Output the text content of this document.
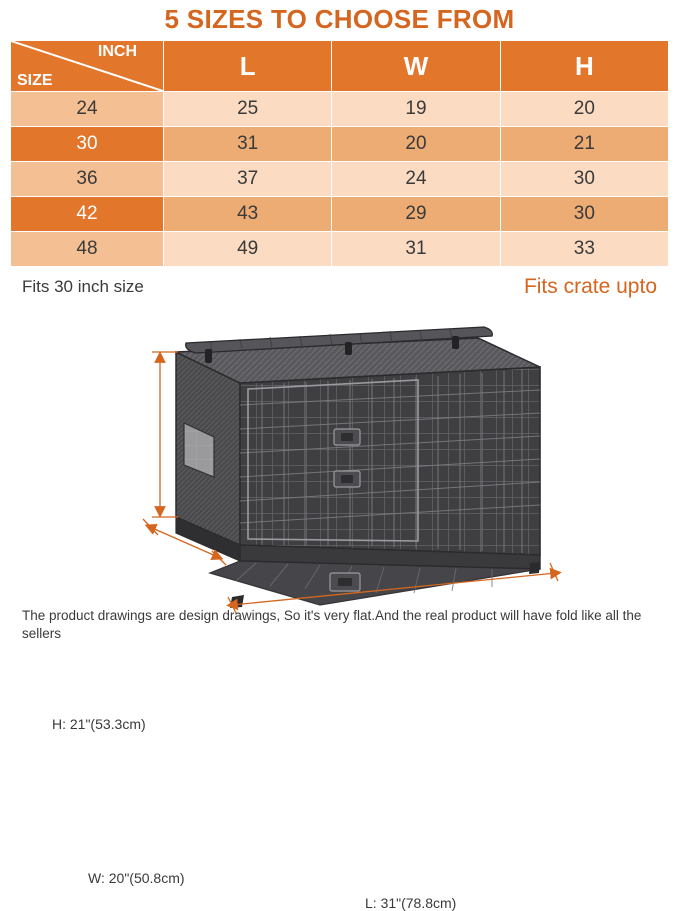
5 SIZES TO CHOOSE FROM
INCH
SIZE	L	W	H
24	25	19	20
30	31	20	21
36	37	24	30
42	43	29	30
48	49	31	33
Fits 30 inch size	Fits crate upto
H: 21"(53.3cm)
W: 20"(50.8cm)
L: 31"(78.8cm)
The product drawings are design drawings, So it's very flat.And the real product will have fold like all the sellers
